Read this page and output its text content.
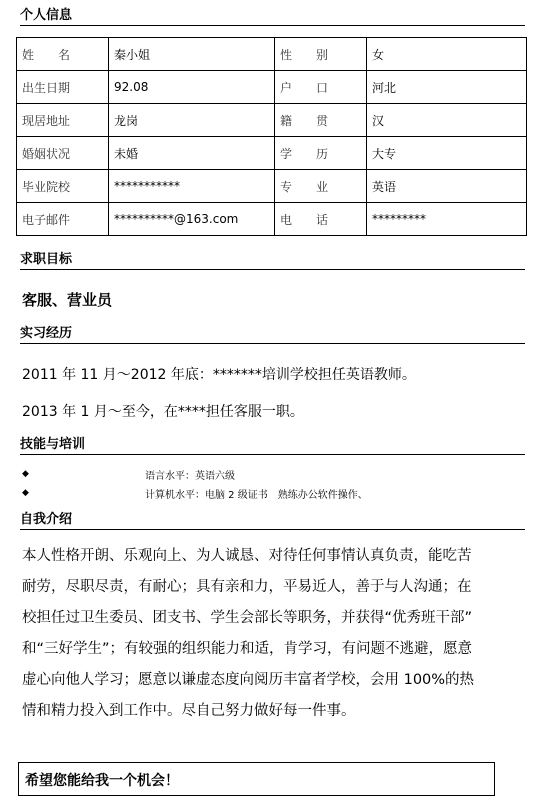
个人信息
姓　　名	秦小姐	性　　别	女
出生日期	92.08	户　　口	河北
现居地址	龙岗	籍　　贯	汉
婚姻状况	未婚	学　　历	大专
毕业院校	***********	专　　业	英语
电子邮件	**********@163.com	电　　话	*********
求职目标
客服、营业员
实习经历
2011 年 11 月～2012 年底：*******培训学校担任英语教师。
2013 年 1 月～至今，在****担任客服一职。
技能与培训
◆	语言水平：英语六级
◆	计算机水平：电脑 2 级证书　熟练办公软件操作、
自我介绍
本人性格开朗、乐观向上、为人诚恳、对待任何事情认真负责，能吃苦
耐劳，尽职尽责，有耐心；具有亲和力，平易近人，善于与人沟通；在
校担任过卫生委员、团支书、学生会部长等职务，并获得“优秀班干部”
和“三好学生”；有较强的组织能力和适，肯学习，有问题不逃避，愿意
虚心向他人学习；愿意以谦虚态度向阅历丰富者学校，会用 100%的热
情和精力投入到工作中。尽自己努力做好每一件事。
希望您能给我一个机会！
